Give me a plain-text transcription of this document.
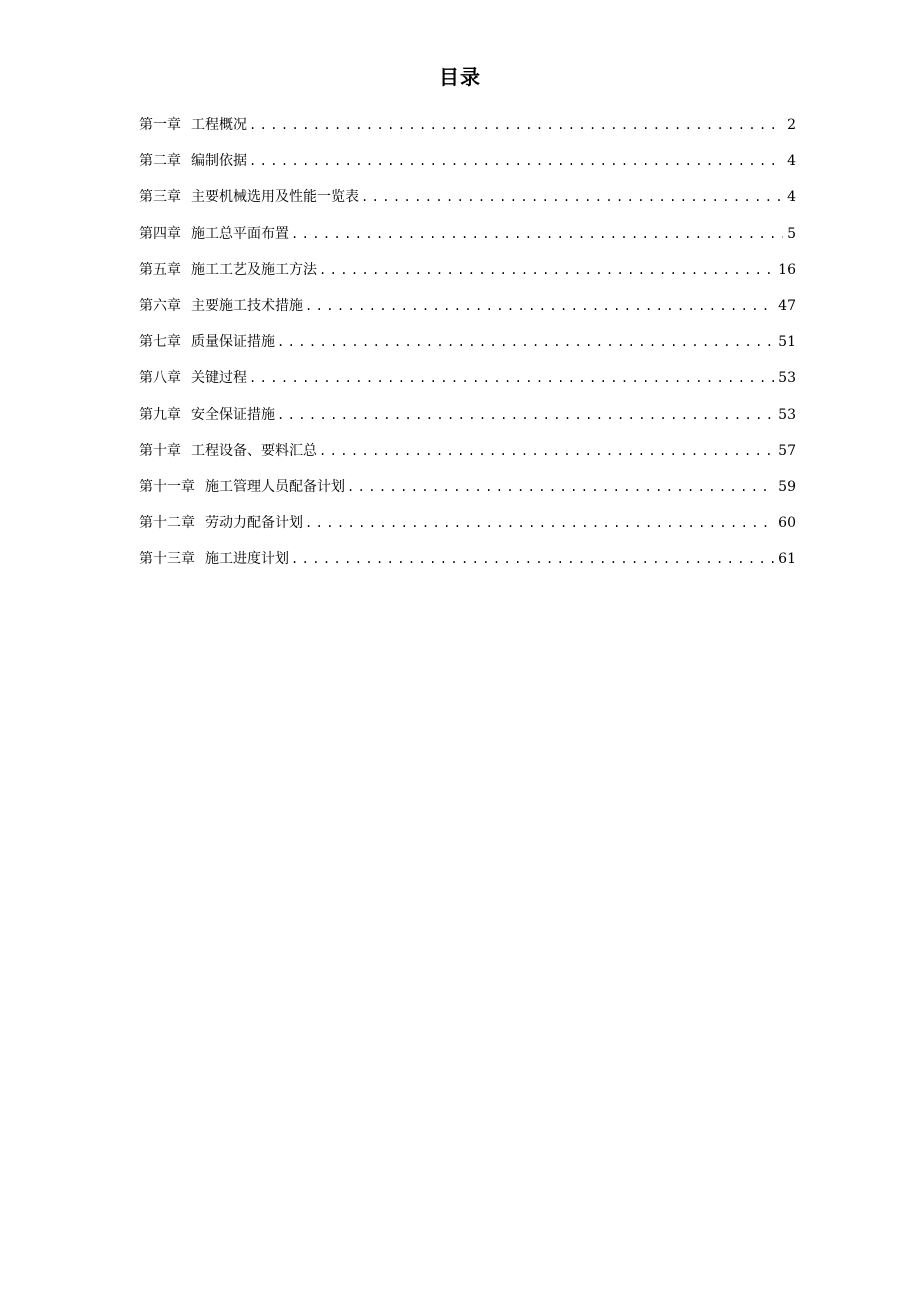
目录
第一章 工程概况 .....	2
第二章 编制依据 .....	4
第三章 主要机械选用及性能一览表 .....	4
第四章 施工总平面布置 .....	5
第五章 施工工艺及施工方法 .....	16
第六章 主要施工技术措施 .....	47
第七章 质量保证措施 .....	51
第八章 关键过程 .....	53
第九章 安全保证措施 .....	53
第十章 工程设备、要料汇总 .....	57
第十一章 施工管理人员配备计划 .....	59
第十二章 劳动力配备计划 .....	60
第十三章 施工进度计划 .....	61
